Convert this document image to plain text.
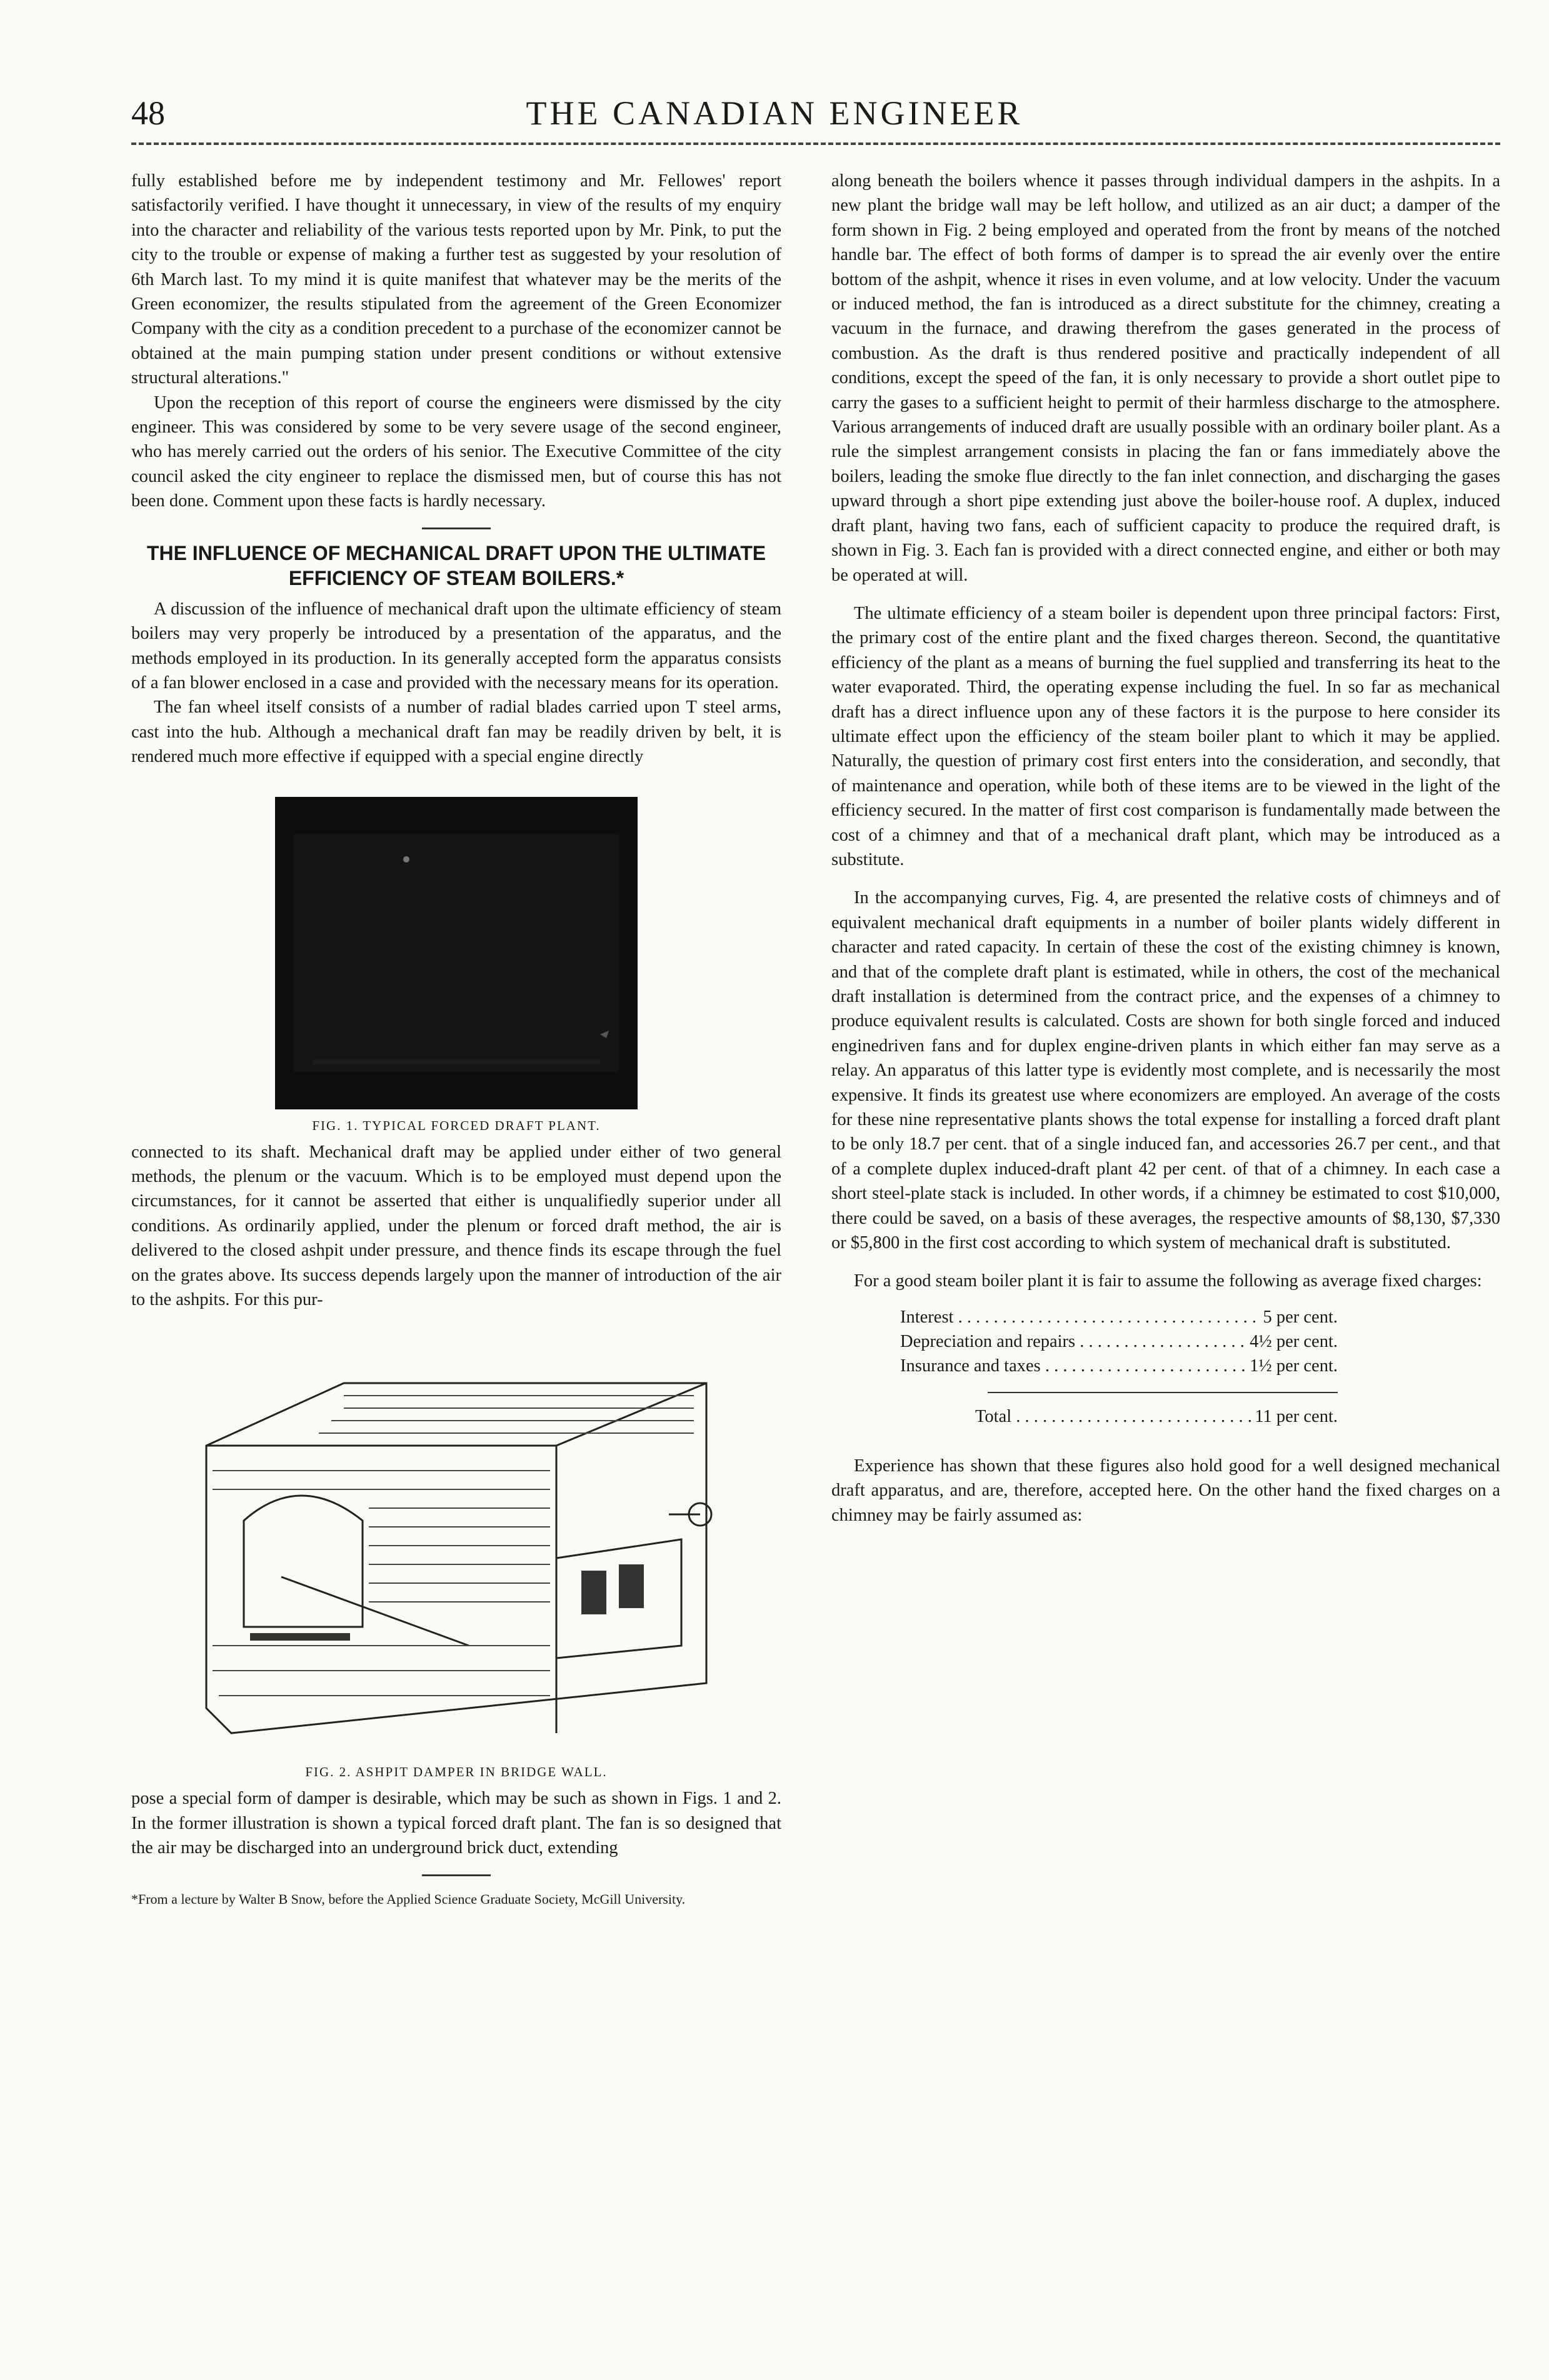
48	THE CANADIAN ENGINEER

fully established before me by independent testimony and Mr. Fellowes' report satisfactorily verified. I have thought it unnecessary, in view of the results of my enquiry into the character and reliability of the various tests reported upon by Mr. Pink, to put the city to the trouble or expense of making a further test as suggested by your resolution of 6th March last. To my mind it is quite manifest that whatever may be the merits of the Green economizer, the results stipulated from the agreement of the Green Economizer Company with the city as a condition precedent to a purchase of the economizer cannot be obtained at the main pumping station under present conditions or without extensive structural alterations."

Upon the reception of this report of course the engineers were dismissed by the city engineer. This was considered by some to be very severe usage of the second engineer, who has merely carried out the orders of his senior. The Executive Committee of the city council asked the city engineer to replace the dismissed men, but of course this has not been done. Comment upon these facts is hardly necessary.

THE INFLUENCE OF MECHANICAL DRAFT UPON THE ULTIMATE EFFICIENCY OF STEAM BOILERS.*

A discussion of the influence of mechanical draft upon the ultimate efficiency of steam boilers may very properly be introduced by a presentation of the apparatus, and the methods employed in its production. In its generally accepted form the apparatus consists of a fan blower enclosed in a case and provided with the necessary means for its operation.

The fan wheel itself consists of a number of radial blades carried upon T steel arms, cast into the hub. Although a mechanical draft fan may be readily driven by belt, it is rendered much more effective if equipped with a special engine directly

FIG. 1. TYPICAL FORCED DRAFT PLANT.

connected to its shaft. Mechanical draft may be applied under either of two general methods, the plenum or the vacuum. Which is to be employed must depend upon the circumstances, for it cannot be asserted that either is unqualifiedly superior under all conditions. As ordinarily applied, under the plenum or forced draft method, the air is delivered to the closed ashpit under pressure, and thence finds its escape through the fuel on the grates above. Its success depends largely upon the manner of introduction of the air to the ashpits. For this pur-

FIG. 2. ASHPIT DAMPER IN BRIDGE WALL.

pose a special form of damper is desirable, which may be such as shown in Figs. 1 and 2. In the former illustration is shown a typical forced draft plant. The fan is so designed that the air may be discharged into an underground brick duct, extending

*From a lecture by Walter B Snow, before the Applied Science Graduate Society, McGill University.

along beneath the boilers whence it passes through individual dampers in the ashpits. In a new plant the bridge wall may be left hollow, and utilized as an air duct; a damper of the form shown in Fig. 2 being employed and operated from the front by means of the notched handle bar. The effect of both forms of damper is to spread the air evenly over the entire bottom of the ashpit, whence it rises in even volume, and at low velocity. Under the vacuum or induced method, the fan is introduced as a direct substitute for the chimney, creating a vacuum in the furnace, and drawing therefrom the gases generated in the process of combustion. As the draft is thus rendered positive and practically independent of all conditions, except the speed of the fan, it is only necessary to provide a short outlet pipe to carry the gases to a sufficient height to permit of their harmless discharge to the atmosphere. Various arrangements of induced draft are usually possible with an ordinary boiler plant. As a rule the simplest arrangement consists in placing the fan or fans immediately above the boilers, leading the smoke flue directly to the fan inlet connection, and discharging the gases upward through a short pipe extending just above the boiler-house roof. A duplex, induced draft plant, having two fans, each of sufficient capacity to produce the required draft, is shown in Fig. 3. Each fan is provided with a direct connected engine, and either or both may be operated at will.

The ultimate efficiency of a steam boiler is dependent upon three principal factors: First, the primary cost of the entire plant and the fixed charges thereon. Second, the quantitative efficiency of the plant as a means of burning the fuel supplied and transferring its heat to the water evaporated. Third, the operating expense including the fuel. In so far as mechanical draft has a direct influence upon any of these factors it is the purpose to here consider its ultimate effect upon the efficiency of the steam boiler plant to which it may be applied. Naturally, the question of primary cost first enters into the consideration, and secondly, that of maintenance and operation, while both of these items are to be viewed in the light of the efficiency secured. In the matter of first cost comparison is fundamentally made between the cost of a chimney and that of a mechanical draft plant, which may be introduced as a substitute.

In the accompanying curves, Fig. 4, are presented the relative costs of chimneys and of equivalent mechanical draft equipments in a number of boiler plants widely different in character and rated capacity. In certain of these the cost of the existing chimney is known, and that of the complete draft plant is estimated, while in others, the cost of the mechanical draft installation is determined from the contract price, and the expenses of a chimney to produce equivalent results is calculated. Costs are shown for both single forced and induced enginedriven fans and for duplex engine-driven plants in which either fan may serve as a relay. An apparatus of this latter type is evidently most complete, and is necessarily the most expensive. It finds its greatest use where economizers are employed. An average of the costs for these nine representative plants shows the total expense for installing a forced draft plant to be only 18.7 per cent. that of a single induced fan, and accessories 26.7 per cent., and that of a complete duplex induced-draft plant 42 per cent. of that of a chimney. In each case a short steel-plate stack is included. In other words, if a chimney be estimated to cost $10,000, there could be saved, on a basis of these averages, the respective amounts of $8,130, $7,330 or $5,800 in the first cost according to which system of mechanical draft is substituted.

For a good steam boiler plant it is fair to assume the following as average fixed charges:

Interest . . .	5 per cent.
Depreciation and repairs . . .	4½ per cent.
Insurance and taxes . . .	1½ per cent.
Total . . .	11 per cent.

Experience has shown that these figures also hold good for a well designed mechanical draft apparatus, and are, therefore, accepted here. On the other hand the fixed charges on a chimney may be fairly assumed as:
